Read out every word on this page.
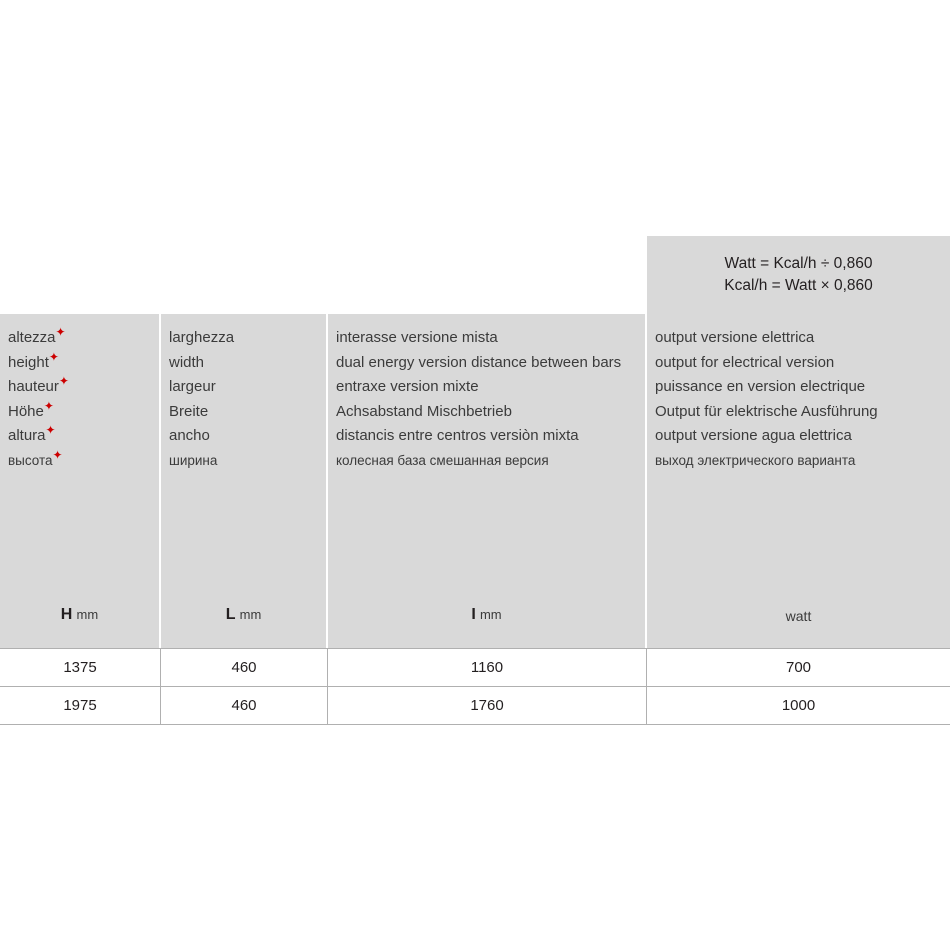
Watt = Kcal/h ÷ 0,860
Kcal/h = Watt × 0,860
altezza✦
height✦
hauteur✦
Höhe✦
altura✦
высота✦
H mm
larghezza
width
largeur
Breite
ancho
ширина
L mm
interasse versione mista
dual energy version distance between bars
entraxe version mixte
Achsabstand Mischbetrieb
distancis entre centros versiòn mixta
колесная база смешанная версия
I mm
output versione elettrica
output for electrical version
puissance en version electrique
Output für elektrische Ausführung
output versione agua elettrica
выход электрического варианта
watt
1375	460	1160	700
1975	460	1760	1000
